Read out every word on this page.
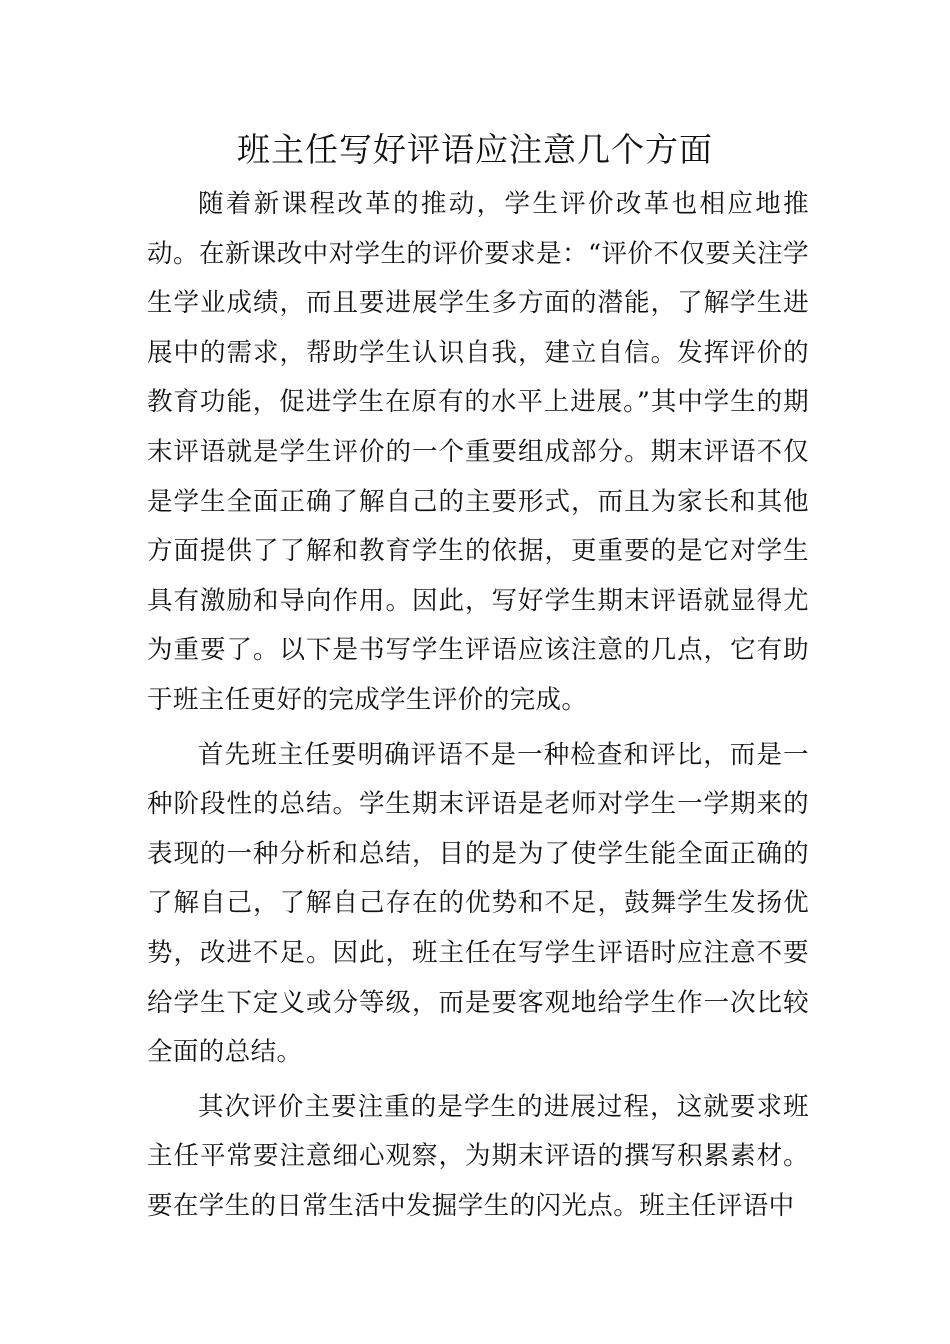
班主任写好评语应注意几个方面

随着新课程改革的推动，学生评价改革也相应地推动。在新课改中对学生的评价要求是：“评价不仅要关注学生学业成绩，而且要进展学生多方面的潜能，了解学生进展中的需求，帮助学生认识自我，建立自信。发挥评价的教育功能，促进学生在原有的水平上进展。”其中学生的期末评语就是学生评价的一个重要组成部分。期末评语不仅是学生全面正确了解自己的主要形式，而且为家长和其他方面提供了了解和教育学生的依据，更重要的是它对学生具有激励和导向作用。因此，写好学生期末评语就显得尤为重要了。以下是书写学生评语应该注意的几点，它有助于班主任更好的完成学生评价的完成。

首先班主任要明确评语不是一种检查和评比，而是一种阶段性的总结。学生期末评语是老师对学生一学期来的表现的一种分析和总结，目的是为了使学生能全面正确的了解自己，了解自己存在的优势和不足，鼓舞学生发扬优势，改进不足。因此，班主任在写学生评语时应注意不要给学生下定义或分等级，而是要客观地给学生作一次比较全面的总结。

其次评价主要注重的是学生的进展过程，这就要求班主任平常要注意细心观察，为期末评语的撰写积累素材。要在学生的日常生活中发掘学生的闪光点。班主任评语中
